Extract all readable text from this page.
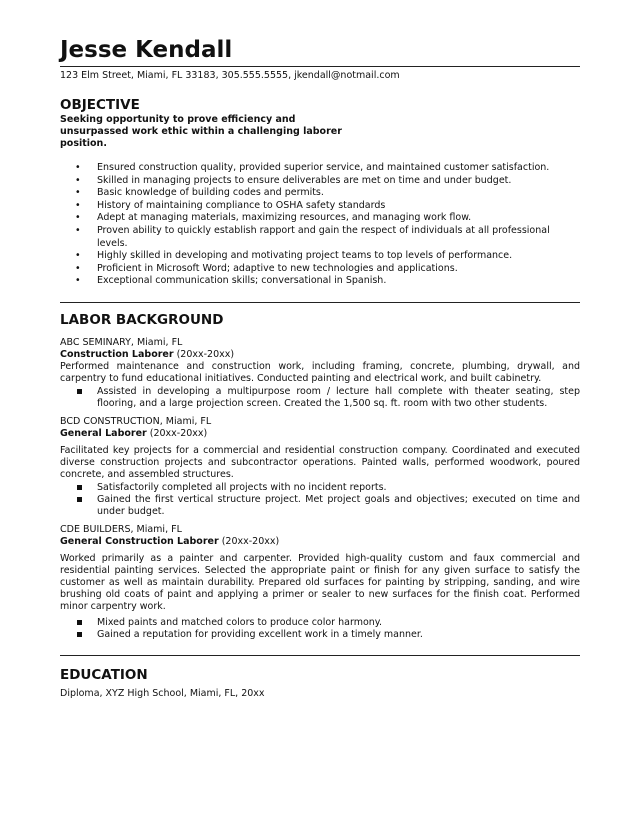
Jesse Kendall
123 Elm Street, Miami, FL 33183, 305.555.5555, jkendall@notmail.com
OBJECTIVE
Seeking opportunity to prove efficiency and unsurpassed work ethic within a challenging laborer position.
• Ensured construction quality, provided superior service, and maintained customer satisfaction.
• Skilled in managing projects to ensure deliverables are met on time and under budget.
• Basic knowledge of building codes and permits.
• History of maintaining compliance to OSHA safety standards
• Adept at managing materials, maximizing resources, and managing work flow.
• Proven ability to quickly establish rapport and gain the respect of individuals at all professional levels.
• Highly skilled in developing and motivating project teams to top levels of performance.
• Proficient in Microsoft Word; adaptive to new technologies and applications.
• Exceptional communication skills; conversational in Spanish.
LABOR BACKGROUND
ABC SEMINARY, Miami, FL
Construction Laborer (20xx-20xx)
Performed maintenance and construction work, including framing, concrete, plumbing, drywall, and carpentry to fund educational initiatives. Conducted painting and electrical work, and built cabinetry.
Assisted in developing a multipurpose room / lecture hall complete with theater seating, step flooring, and a large projection screen. Created the 1,500 sq. ft. room with two other students.
BCD CONSTRUCTION, Miami, FL
General Laborer (20xx-20xx)
Facilitated key projects for a commercial and residential construction company. Coordinated and executed diverse construction projects and subcontractor operations. Painted walls, performed woodwork, poured concrete, and assembled structures.
Satisfactorily completed all projects with no incident reports.
Gained the first vertical structure project. Met project goals and objectives; executed on time and under budget.
CDE BUILDERS, Miami, FL
General Construction Laborer (20xx-20xx)
Worked primarily as a painter and carpenter. Provided high-quality custom and faux commercial and residential painting services. Selected the appropriate paint or finish for any given surface to satisfy the customer as well as maintain durability. Prepared old surfaces for painting by stripping, sanding, and wire brushing old coats of paint and applying a primer or sealer to new surfaces for the finish coat. Performed minor carpentry work.
Mixed paints and matched colors to produce color harmony.
Gained a reputation for providing excellent work in a timely manner.
EDUCATION
Diploma, XYZ High School, Miami, FL, 20xx
